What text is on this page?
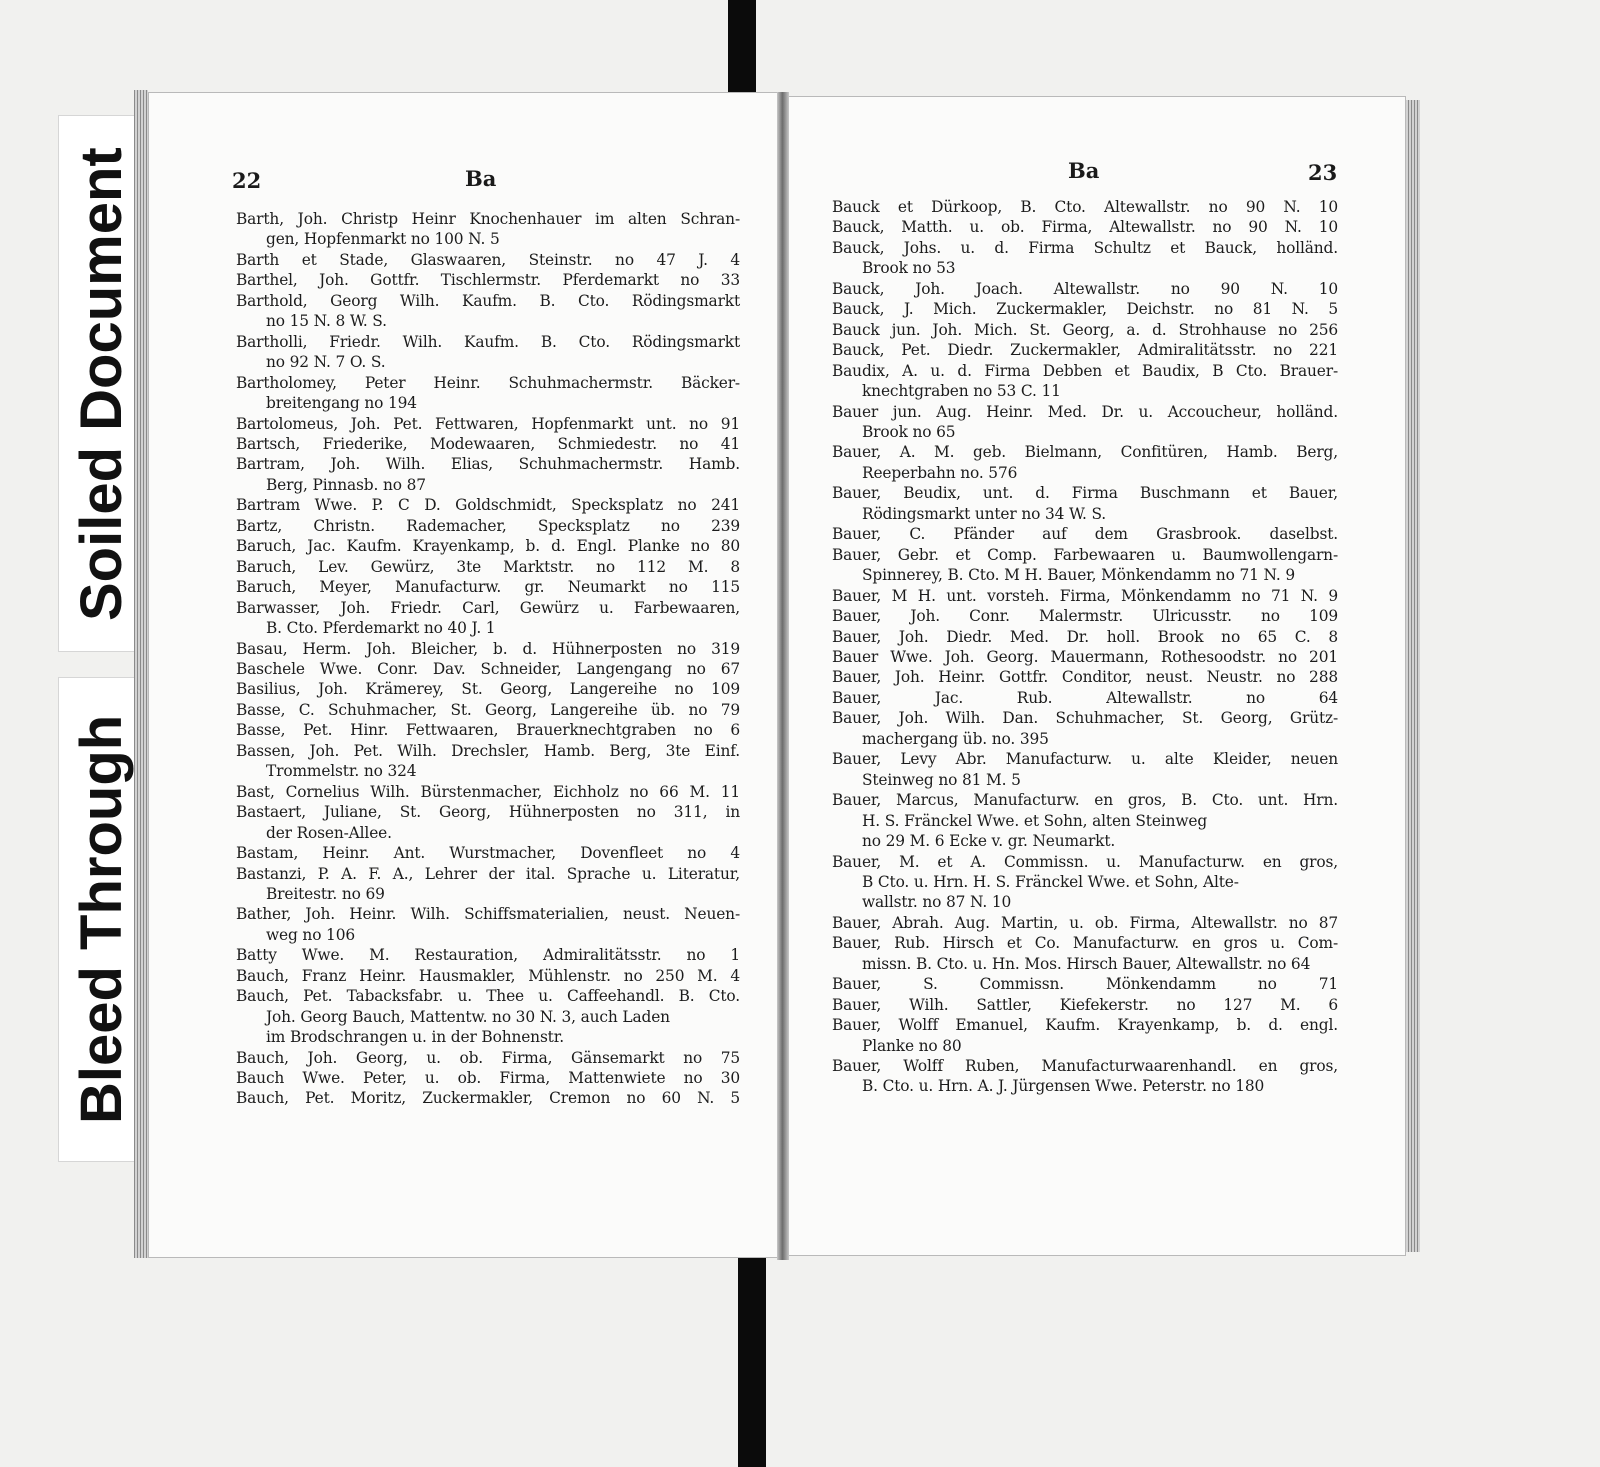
Soiled Document
Bleed Through
22	Ba	Ba	23
Barth, Joh. Christp Heinr Knochenhauer im alten Schran-
gen, Hopfenmarkt no 100 N. 5
Barth et Stade, Glaswaaren, Steinstr. no 47 J. 4
Barthel, Joh. Gottfr. Tischlermstr. Pferdemarkt no 33
Barthold, Georg Wilh. Kaufm. B. Cto. Rödingsmarkt
no 15 N. 8 W. S.
Bartholli, Friedr. Wilh. Kaufm. B. Cto. Rödingsmarkt
no 92 N. 7 O. S.
Bartholomey, Peter Heinr. Schuhmachermstr. Bäcker-
breitengang no 194
Bartolomeus, Joh. Pet. Fettwaren, Hopfenmarkt unt. no 91
Bartsch, Friederike, Modewaaren, Schmiedestr. no 41
Bartram, Joh. Wilh. Elias, Schuhmachermstr. Hamb.
Berg, Pinnasb. no 87
Bartram Wwe. P. C D. Goldschmidt, Specksplatz no 241
Bartz, Christn. Rademacher, Specksplatz no 239
Baruch, Jac. Kaufm. Krayenkamp, b. d. Engl. Planke no 80
Baruch, Lev. Gewürz, 3te Marktstr. no 112 M. 8
Baruch, Meyer, Manufacturw. gr. Neumarkt no 115
Barwasser, Joh. Friedr. Carl, Gewürz u. Farbewaaren,
B. Cto. Pferdemarkt no 40 J. 1
Basau, Herm. Joh. Bleicher, b. d. Hühnerposten no 319
Baschele Wwe. Conr. Dav. Schneider, Langengang no 67
Basilius, Joh. Krämerey, St. Georg, Langereihe no 109
Basse, C. Schuhmacher, St. Georg, Langereihe üb. no 79
Basse, Pet. Hinr. Fettwaaren, Brauerknechtgraben no 6
Bassen, Joh. Pet. Wilh. Drechsler, Hamb. Berg, 3te Einf.
Trommelstr. no 324
Bast, Cornelius Wilh. Bürstenmacher, Eichholz no 66 M. 11
Bastaert, Juliane, St. Georg, Hühnerposten no 311, in
der Rosen-Allee.
Bastam, Heinr. Ant. Wurstmacher, Dovenfleet no 4
Bastanzi, P. A. F. A., Lehrer der ital. Sprache u. Literatur,
Breitestr. no 69
Bather, Joh. Heinr. Wilh. Schiffsmaterialien, neust. Neuen-
weg no 106
Batty Wwe. M. Restauration, Admiralitätsstr. no 1
Bauch, Franz Heinr. Hausmakler, Mühlenstr. no 250 M. 4
Bauch, Pet. Tabacksfabr. u. Thee u. Caffeehandl. B. Cto.
Joh. Georg Bauch, Mattentw. no 30 N. 3, auch Laden
im Brodschrangen u. in der Bohnenstr.
Bauch, Joh. Georg, u. ob. Firma, Gänsemarkt no 75
Bauch Wwe. Peter, u. ob. Firma, Mattenwiete no 30
Bauch, Pet. Moritz, Zuckermakler, Cremon no 60 N. 5
Bauck et Dürkoop, B. Cto. Altewallstr. no 90 N. 10
Bauck, Matth. u. ob. Firma, Altewallstr. no 90 N. 10
Bauck, Johs. u. d. Firma Schultz et Bauck, holländ.
Brook no 53
Bauck, Joh. Joach. Altewallstr. no 90 N. 10
Bauck, J. Mich. Zuckermakler, Deichstr. no 81 N. 5
Bauck jun. Joh. Mich. St. Georg, a. d. Strohhause no 256
Bauck, Pet. Diedr. Zuckermakler, Admiralitätsstr. no 221
Baudix, A. u. d. Firma Debben et Baudix, B Cto. Brauer-
knechtgraben no 53 C. 11
Bauer jun. Aug. Heinr. Med. Dr. u. Accoucheur, holländ.
Brook no 65
Bauer, A. M. geb. Bielmann, Confitüren, Hamb. Berg,
Reeperbahn no. 576
Bauer, Beudix, unt. d. Firma Buschmann et Bauer,
Rödingsmarkt unter no 34 W. S.
Bauer, C. Pfänder auf dem Grasbrook. daselbst.
Bauer, Gebr. et Comp. Farbewaaren u. Baumwollengarn-
Spinnerey, B. Cto. M H. Bauer, Mönkendamm no 71 N. 9
Bauer, M H. unt. vorsteh. Firma, Mönkendamm no 71 N. 9
Bauer, Joh. Conr. Malermstr. Ulricusstr. no 109
Bauer, Joh. Diedr. Med. Dr. holl. Brook no 65 C. 8
Bauer Wwe. Joh. Georg. Mauermann, Rothesoodstr. no 201
Bauer, Joh. Heinr. Gottfr. Conditor, neust. Neustr. no 288
Bauer, Jac. Rub. Altewallstr. no 64
Bauer, Joh. Wilh. Dan. Schuhmacher, St. Georg, Grütz-
machergang üb. no. 395
Bauer, Levy Abr. Manufacturw. u. alte Kleider, neuen
Steinweg no 81 M. 5
Bauer, Marcus, Manufacturw. en gros, B. Cto. unt. Hrn.
H. S. Fränckel Wwe. et Sohn, alten Steinweg
no 29 M. 6 Ecke v. gr. Neumarkt.
Bauer, M. et A. Commissn. u. Manufacturw. en gros,
B Cto. u. Hrn. H. S. Fränckel Wwe. et Sohn, Alte-
wallstr. no 87 N. 10
Bauer, Abrah. Aug. Martin, u. ob. Firma, Altewallstr. no 87
Bauer, Rub. Hirsch et Co. Manufacturw. en gros u. Com-
missn. B. Cto. u. Hn. Mos. Hirsch Bauer, Altewallstr. no 64
Bauer, S. Commissn. Mönkendamm no 71
Bauer, Wilh. Sattler, Kiefekerstr. no 127 M. 6
Bauer, Wolff Emanuel, Kaufm. Krayenkamp, b. d. engl.
Planke no 80
Bauer, Wolff Ruben, Manufacturwaarenhandl. en gros,
B. Cto. u. Hrn. A. J. Jürgensen Wwe. Peterstr. no 180
